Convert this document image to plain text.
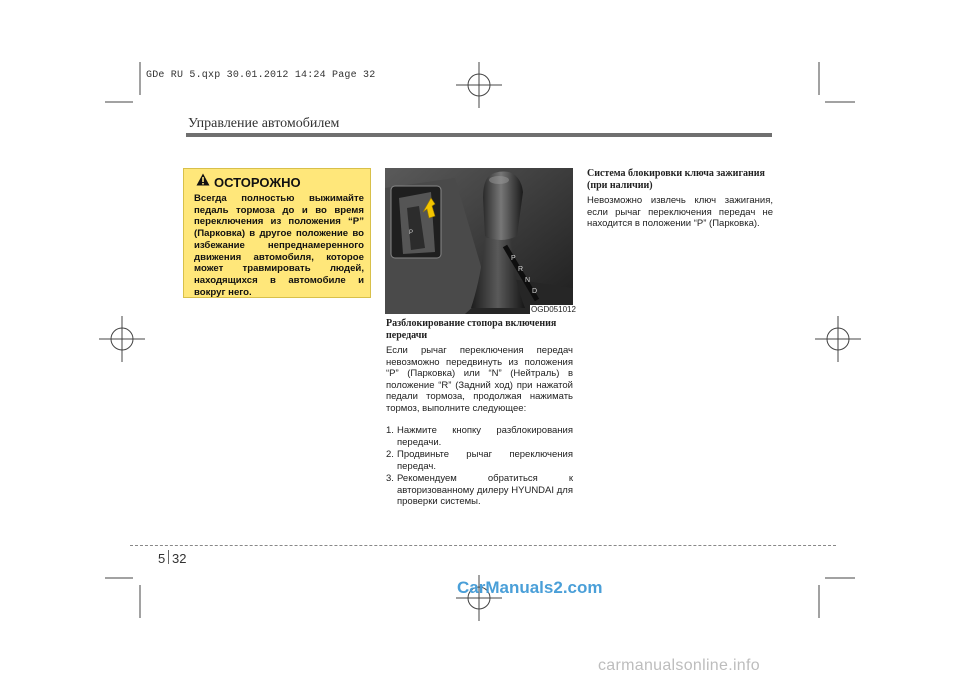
GDe RU 5.qxp 30.01.2012 14:24 Page 32
Управление автомобилем
ОСТОРОЖНО
Всегда полностью выжимайте педаль тормоза до и во время переключения из положения “P” (Парковка) в другое положение во избежание непреднамеренного движения автомобиля, которое может травмировать людей, находящихся в автомобиле и вокруг него.
P
R
N
D
P
OGD051012
Разблокирование стопора включения передачи
Если рычаг переключения передач невозможно передвинуть из положения “P” (Парковка) или “N” (Нейтраль) в положение “R” (Задний ход) при нажатой педали тормоза, продолжая нажимать тормоз, выполните следующее:
1. Нажмите кнопку разблокирования передачи.
2. Продвиньте рычаг переключения передач.
3. Рекомендуем обратиться к авторизованному дилеру HYUNDAI для проверки системы.
Система блокировки ключа зажигания (при наличии)
Невозможно извлечь ключ зажигания, если рычаг переключения передач не находится в положении “P” (Парковка).
5 32
CarManuals2.com
carmanualsonline.info
